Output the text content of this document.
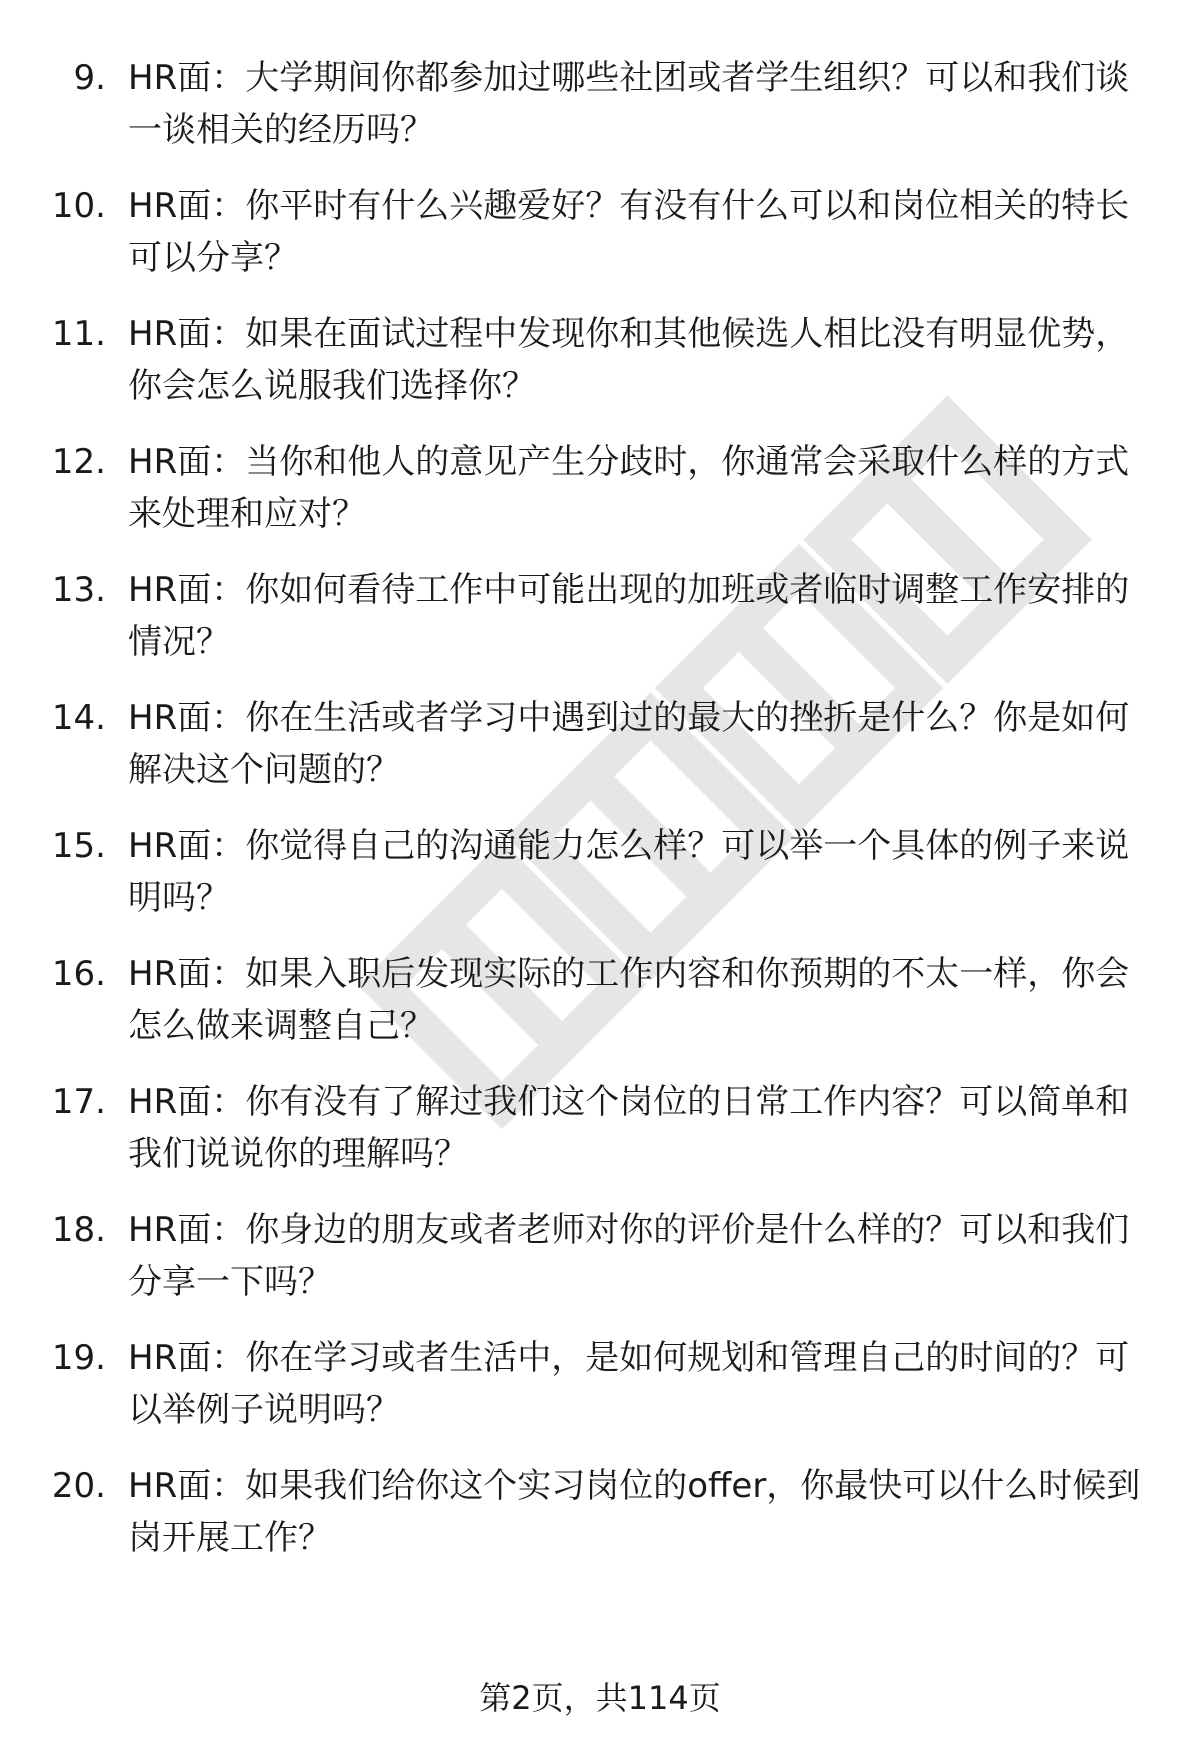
9. HR面：大学期间你都参加过哪些社团或者学生组织？可以和我们谈一谈相关的经历吗？
10. HR面：你平时有什么兴趣爱好？有没有什么可以和岗位相关的特长可以分享？
11. HR面：如果在面试过程中发现你和其他候选人相比没有明显优势，你会怎么说服我们选择你？
12. HR面：当你和他人的意见产生分歧时，你通常会采取什么样的方式来处理和应对？
13. HR面：你如何看待工作中可能出现的加班或者临时调整工作安排的情况？
14. HR面：你在生活或者学习中遇到过的最大的挫折是什么？你是如何解决这个问题的？
15. HR面：你觉得自己的沟通能力怎么样？可以举一个具体的例子来说明吗？
16. HR面：如果入职后发现实际的工作内容和你预期的不太一样，你会怎么做来调整自己？
17. HR面：你有没有了解过我们这个岗位的日常工作内容？可以简单和我们说说你的理解吗？
18. HR面：你身边的朋友或者老师对你的评价是什么样的？可以和我们分享一下吗？
19. HR面：你在学习或者生活中，是如何规划和管理自己的时间的？可以举例子说明吗？
20. HR面：如果我们给你这个实习岗位的offer，你最快可以什么时候到岗开展工作？
第2页，共114页
